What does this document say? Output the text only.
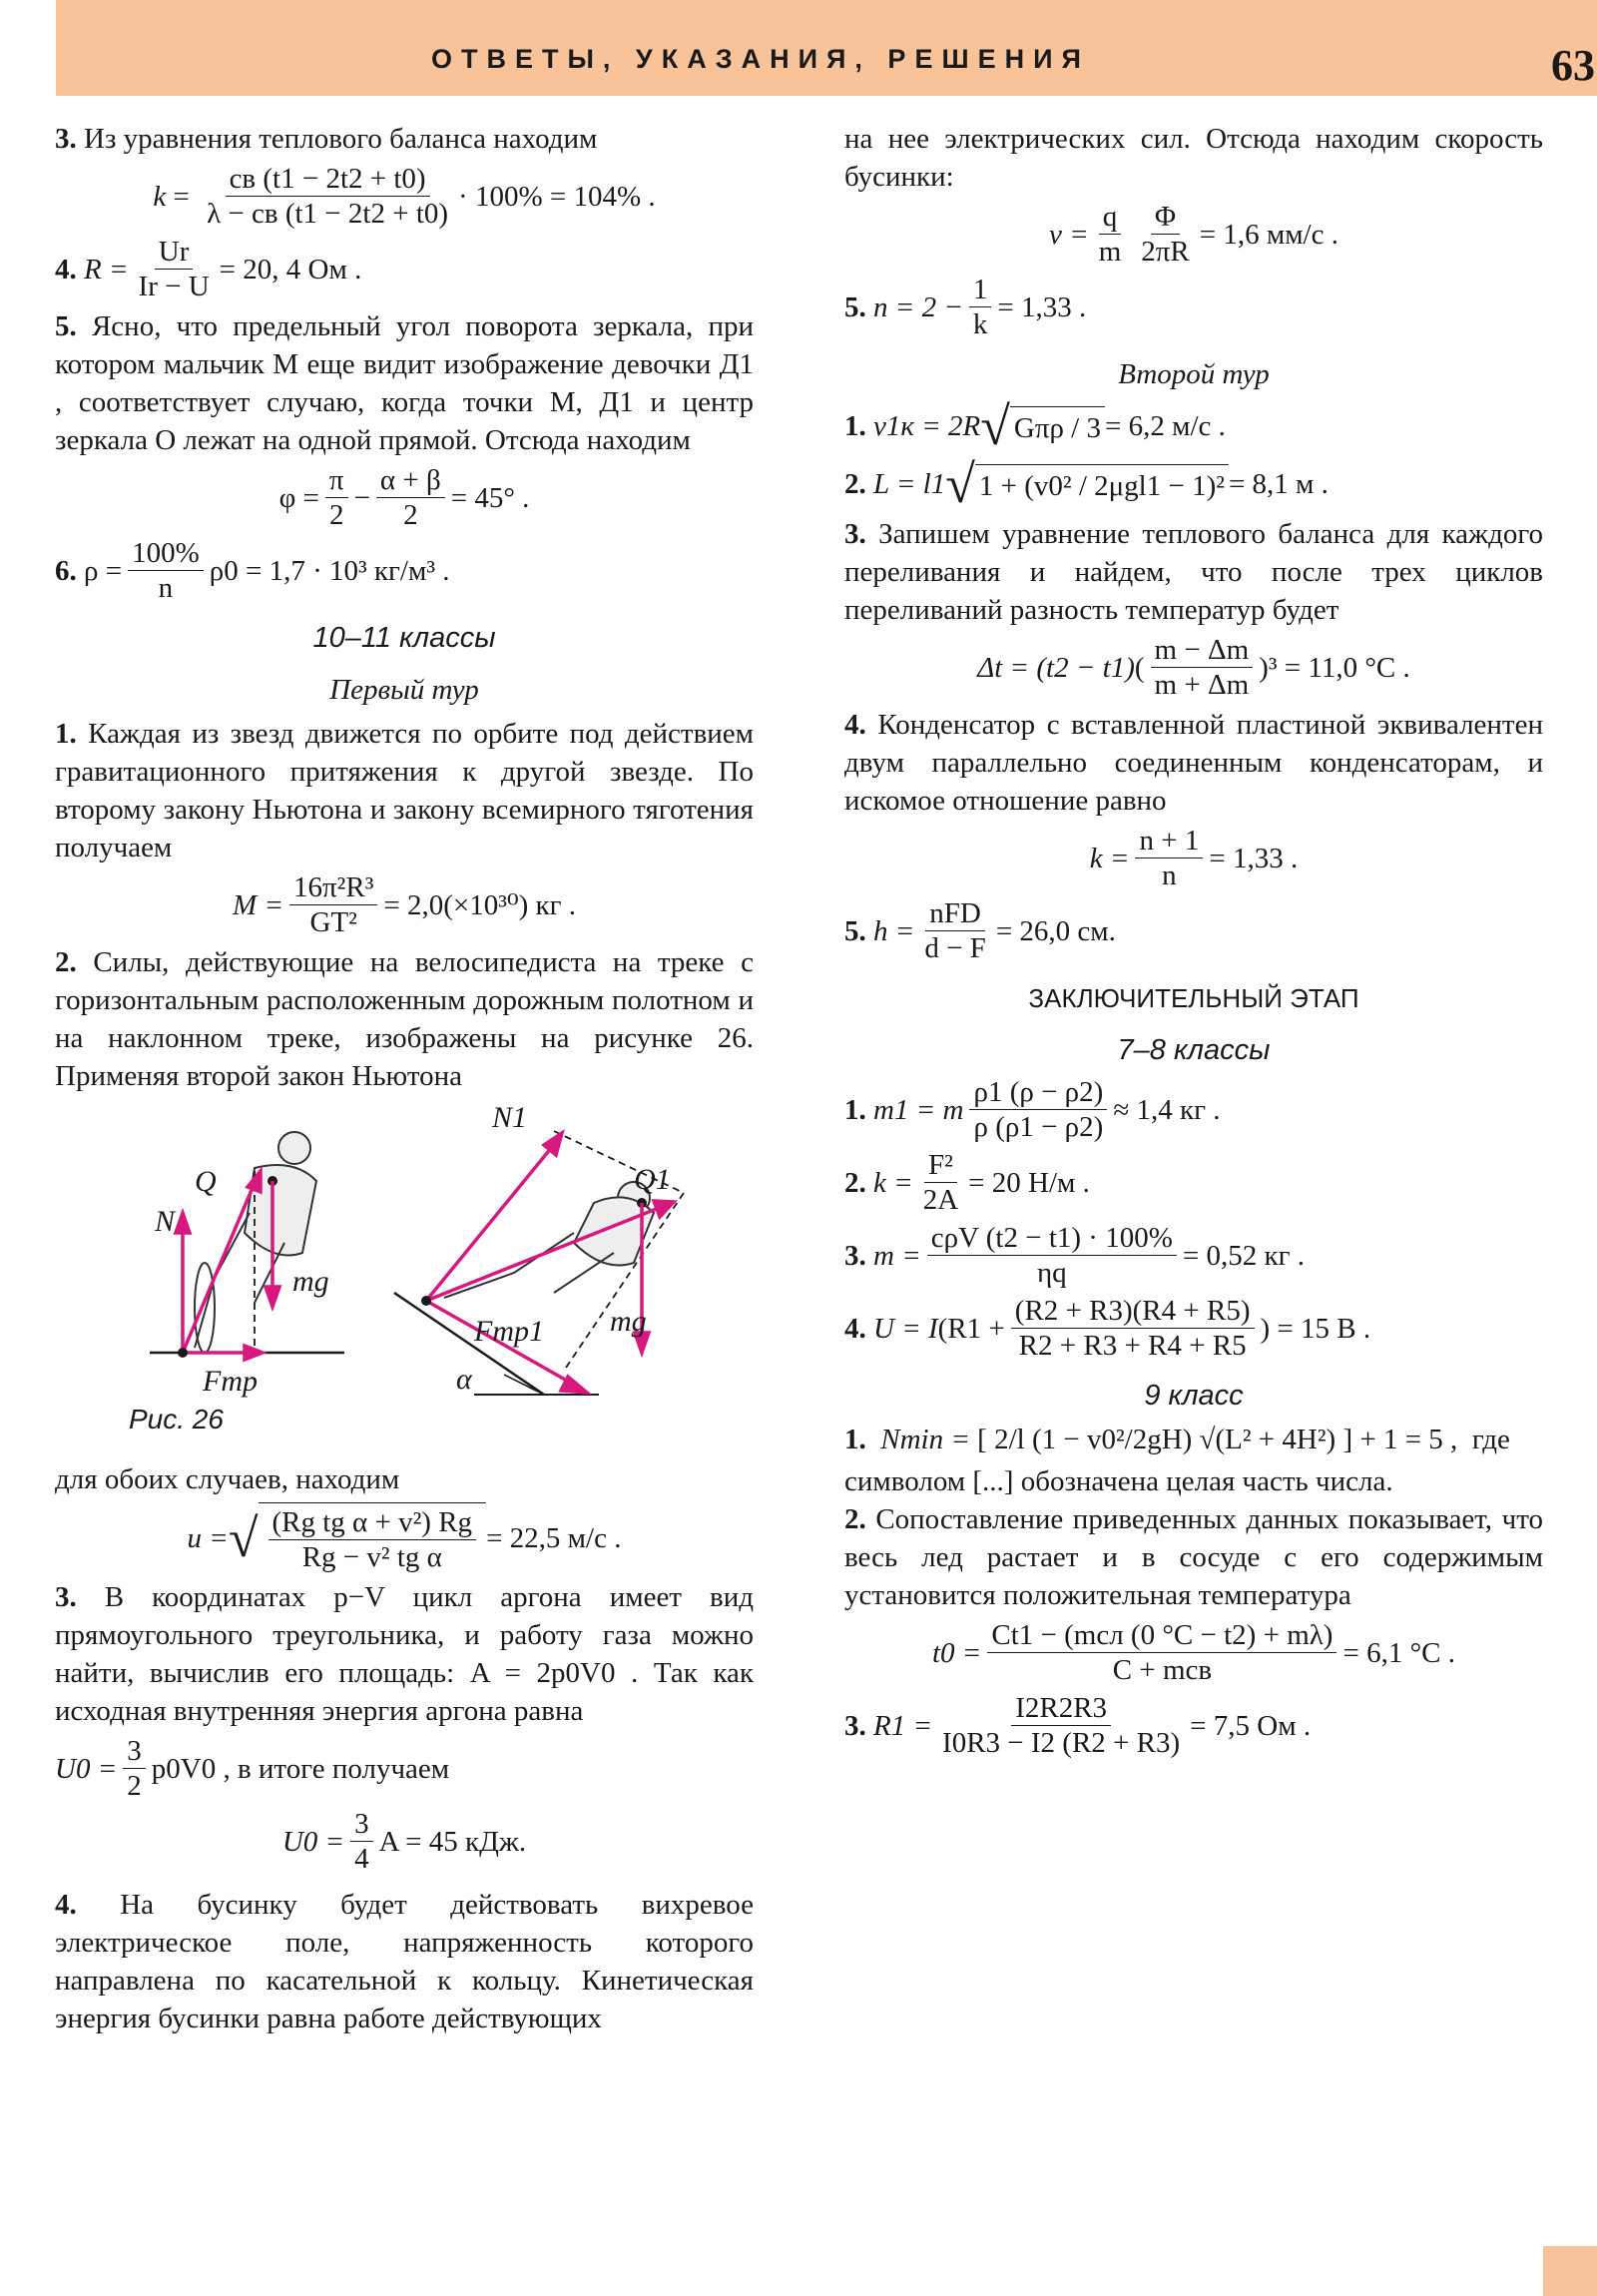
ОТВЕТЫ, УКАЗАНИЯ, РЕШЕНИЯ	63

3. Из уравнения теплового баланса находим

k =
cв (t1 − 2t2 + t0)
λ − cв (t1 − 2t2 + t0)
· 100% = 104% .
4.
$R = \frac{Ur}{Ir - U} = 20$, 4 Ом .

5. Ясно, что предельный угол поворота зеркала, при котором мальчик M еще видит изображение девочки Д1 , соответствует случаю, когда точки M, Д1 и центр зеркала O лежат на одной прямой. Отсюда находим

$\varphi = \frac{\pi}{2} - \frac{\alpha + \beta}{2} = 45^\circ$ .
6.
$\rho = \frac{100\%}{n} \rho 0 = 1,7 \cdot 10^3$ кг/м³ .
10–11 классы
Первый тур

1. Каждая из звезд движется по орбите под действием гравитационного притяжения к другой звезде. По второму закону Ньютона и закону всемирного тяготения получаем

$M = \frac{\text{16π²R³}}{\text{GT²}} = 2,0(\times 10^{30})$ кг .

2. Силы, действующие на велосипедиста на треке с горизонтальным расположенным дорожным полотном и на наклонном треке, изображены на рисунке 26. Применяя второй закон Ньютона

N
Q
mg
Fтр
N1
Q1
Fтр1 mg
α
Рис. 26

для обоих случаев, находим

u = √ (Rg tg α + v²) Rg
Rg − v² tg α
= 22,5 м/с .

3. В координатах p−V цикл аргона имеет вид прямоугольного треугольника, и работу газа можно найти, вычислив его площадь: A = 2p0V0 . Так как исходная внутренняя энергия аргона равна

$U0 = \frac{3}{2} p0V0$ , в итоге получаем
$U0 = \frac{3}{4}$ A = 45 кДж.

4. На бусинку будет действовать вихревое электрическое поле, напряженность которого направлена по касательной к кольцу. Кинетическая энергия бусинки равна работе действующих

на нее электрических сил. Отсюда находим скорость бусинки:

$v = \frac{q}{m} \frac{\Phi}{2\pi R} = 1,6$ мм/с .
5.
$n = 2 - \frac{1}{k} = 1,33$ .
Второй тур
1.
v1к = 2R √ Gπρ / 3 = 6,2 м/с .
2.
L = l1 √ 1 + (v0² / 2μgl1 − 1)² = 8,1 м .

3. Запишем уравнение теплового баланса для каждого переливания и найдем, что после трех циклов переливаний разность температур будет

Δt = (t2 − t1) (
m − Δm
m + Δm
) ³ = 11,0 °C .

4. Конденсатор с вставленной пластиной эквивалентен двум параллельно соединенным конденсаторам, и искомое отношение равно

$k = \frac{n + 1}{n} = 1,33$ .
5.
h =
nFD
d − F
= 26,0 см.
ЗАКЛЮЧИТЕЛЬНЫЙ ЭТАП
7–8 классы
1.
m1 = m $\frac{\rho 1 (\rho - \rho 2)}{\rho (\rho 1 - \rho 2)} \approx 1,4$ кг .
2.
$k = \frac{\text{F²}}{2A} = 20$ Н/м .
3.
m =
cρV (t2 − t1) · 100%
ηq
= 0,52 кг .
4.
U = I ($R1 + \frac{(R2 + R3)(R4 + R5)}{R2 + R3 + R4 + R5}$ ) = 15 В .
9 класс
1.
Nmin =
[ 2/l (1 − v0²/2gH) √(L² + 4H²) ] + 1 = 5 ,
где

символом [...] обозначена целая часть числа.

2. Сопоставление приведенных данных показывает, что весь лед растает и в сосуде с его содержимым установится положительная температура

t0 =
Ct1 − (mcл (0 °C − t2) + mλ)
C + mcв
= 6,1 °C .
3.
$R1 = \frac{I2R2R3}{I0R3 - I2 (R2 + R3)} = 7,5$ Ом .
